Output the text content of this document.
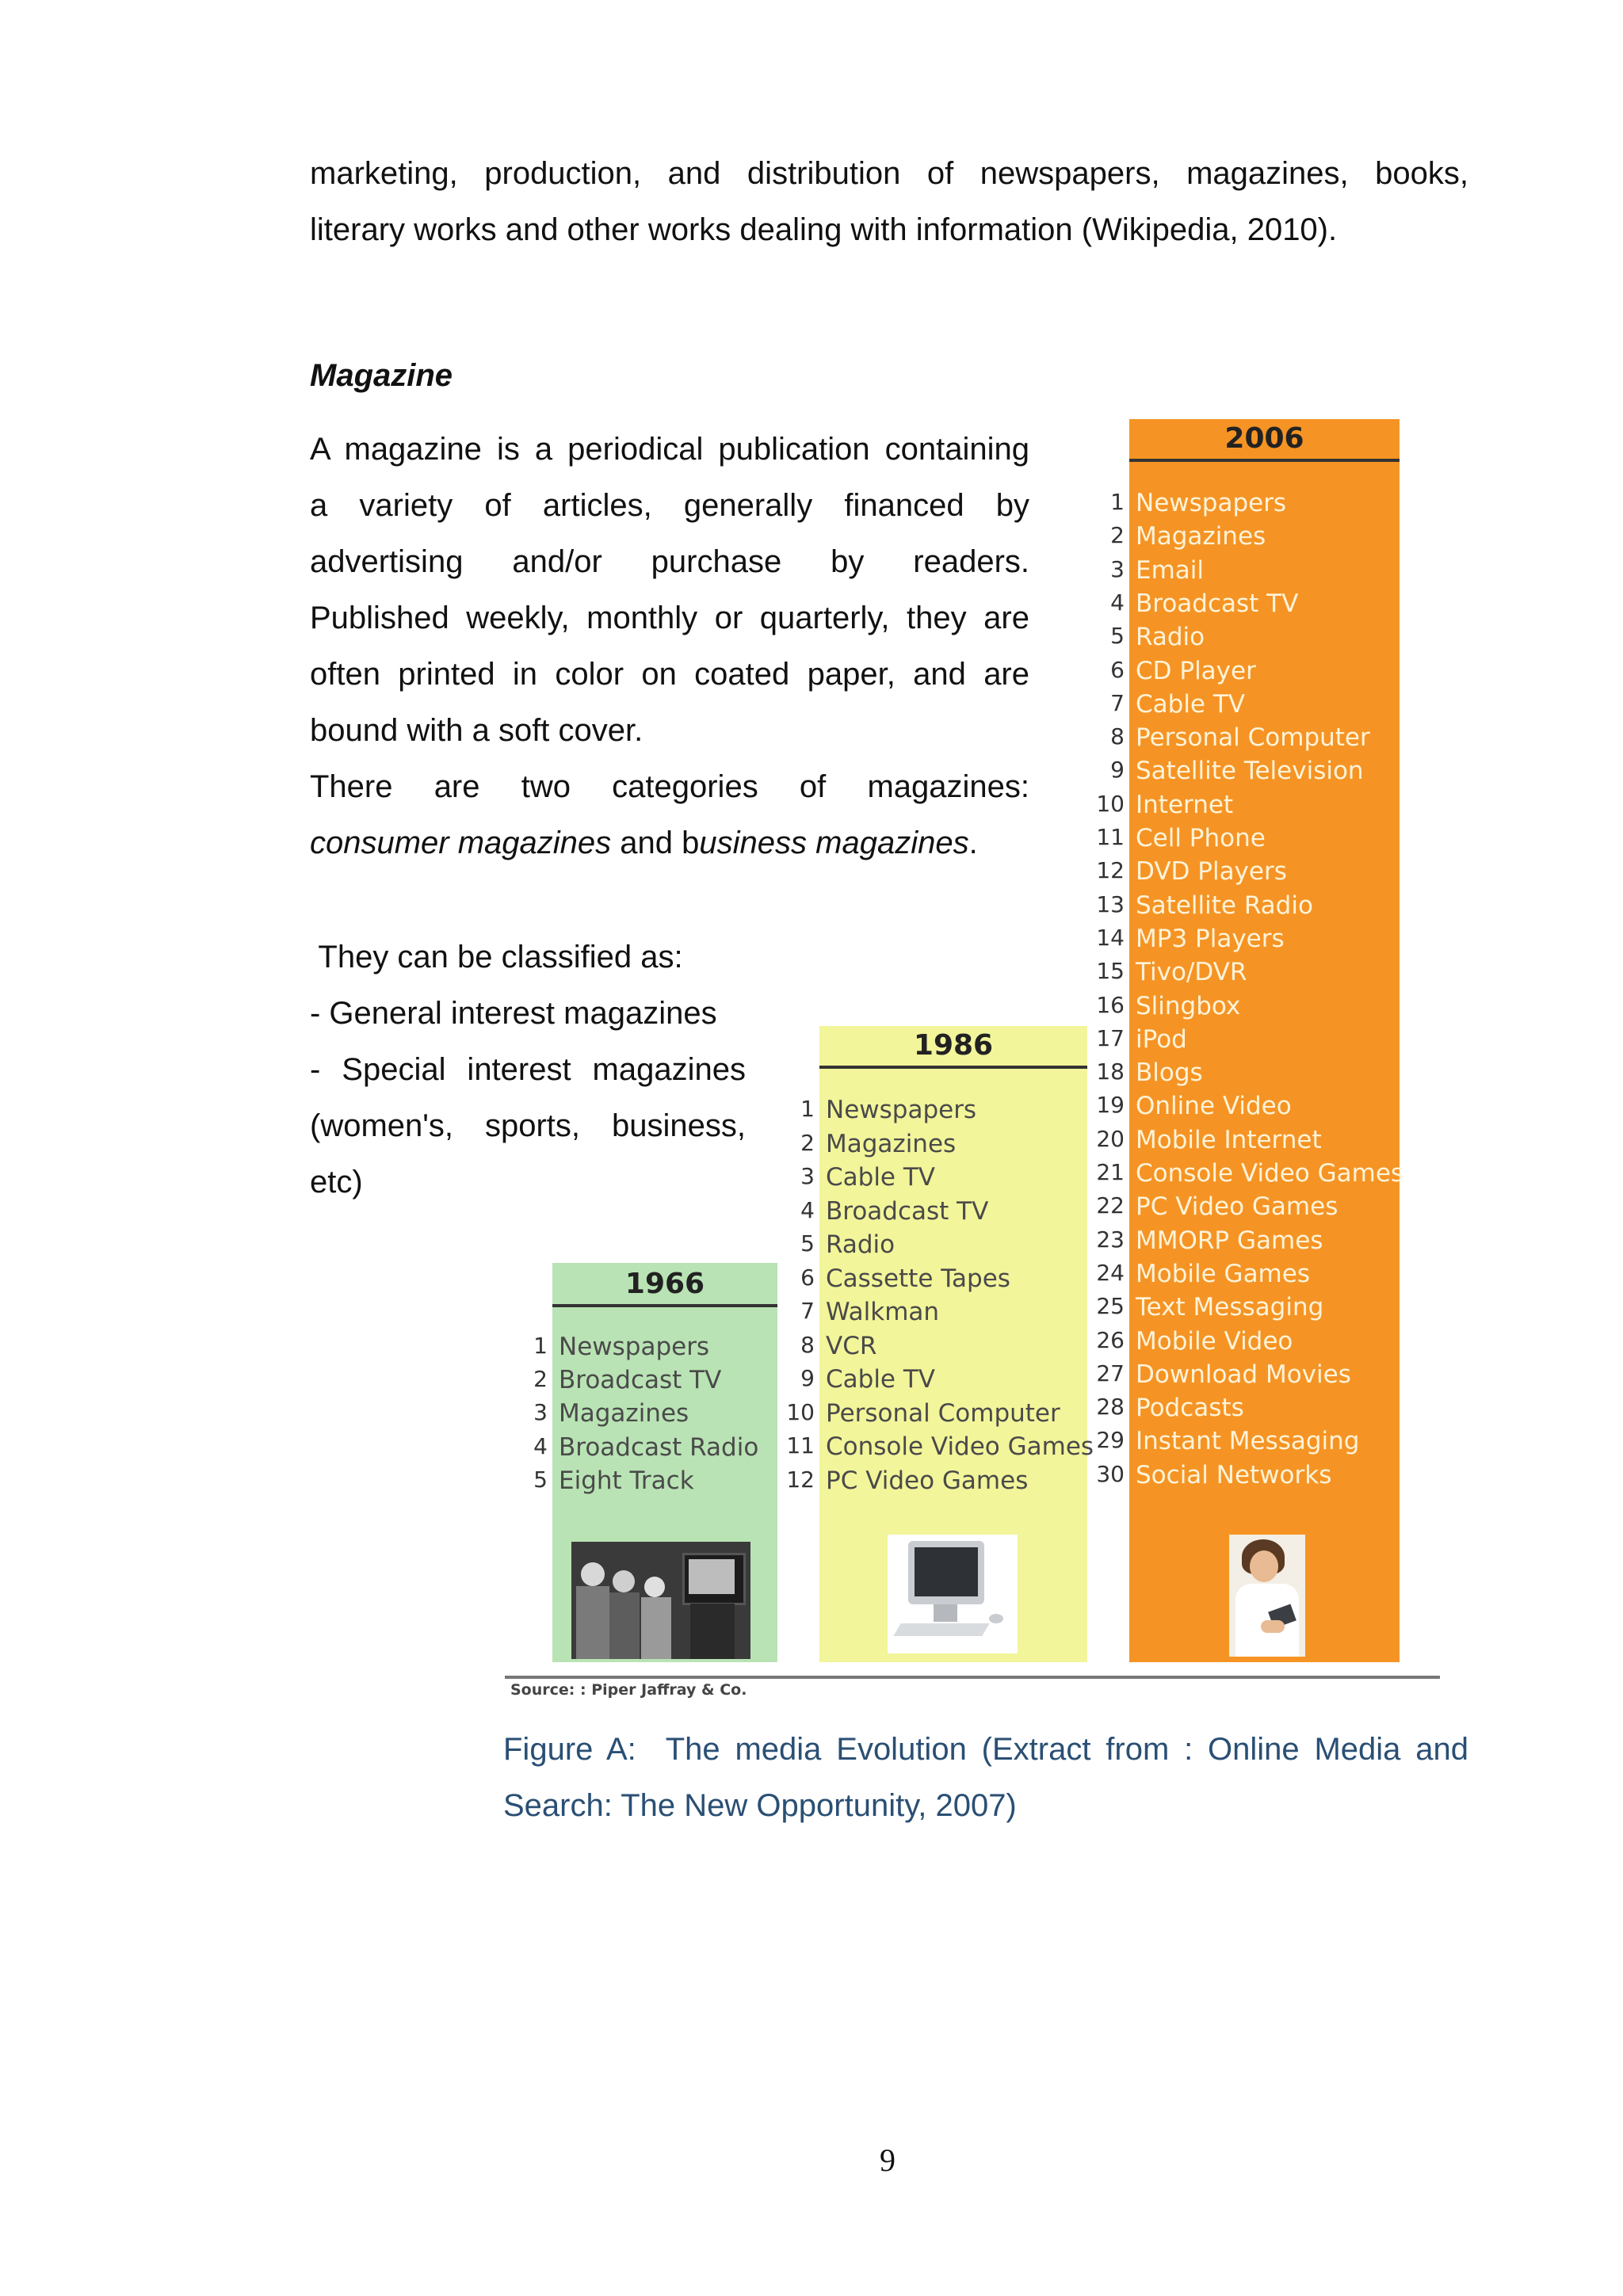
marketing, production, and distribution of newspapers, magazines, books,
literary works and other works dealing with information (Wikipedia, 2010).
Magazine
A magazine is a periodical publication containing
a variety of articles, generally financed by
advertising and/or purchase by readers.
Published weekly, monthly or quarterly, they are
often printed in color on coated paper, and are
bound with a soft cover.
There are two categories of magazines:
consumer magazines and business magazines.
They can be classified as:
- General interest magazines
- Special interest magazines
(women's, sports, business,
etc)
1966
1 Newspapers
2 Broadcast TV
3 Magazines
4 Broadcast Radio
5 Eight Track
1986
1 Newspapers
2 Magazines
3 Cable TV
4 Broadcast TV
5 Radio
6 Cassette Tapes
7 Walkman
8 VCR
9 Cable TV
10 Personal Computer
11 Console Video Games
12 PC Video Games
2006
1 Newspapers
2 Magazines
3 Email
4 Broadcast TV
5 Radio
6 CD Player
7 Cable TV
8 Personal Computer
9 Satellite Television
10 Internet
11 Cell Phone
12 DVD Players
13 Satellite Radio
14 MP3 Players
15 Tivo/DVR
16 Slingbox
17 iPod
18 Blogs
19 Online Video
20 Mobile Internet
21 Console Video Games
22 PC Video Games
23 MMORP Games
24 Mobile Games
25 Text Messaging
26 Mobile Video
27 Download Movies
28 Podcasts
29 Instant Messaging
30 Social Networks
Source: : Piper Jaffray & Co.
Figure A:  The media Evolution (Extract from : Online Media and
Search: The New Opportunity, 2007)
9
